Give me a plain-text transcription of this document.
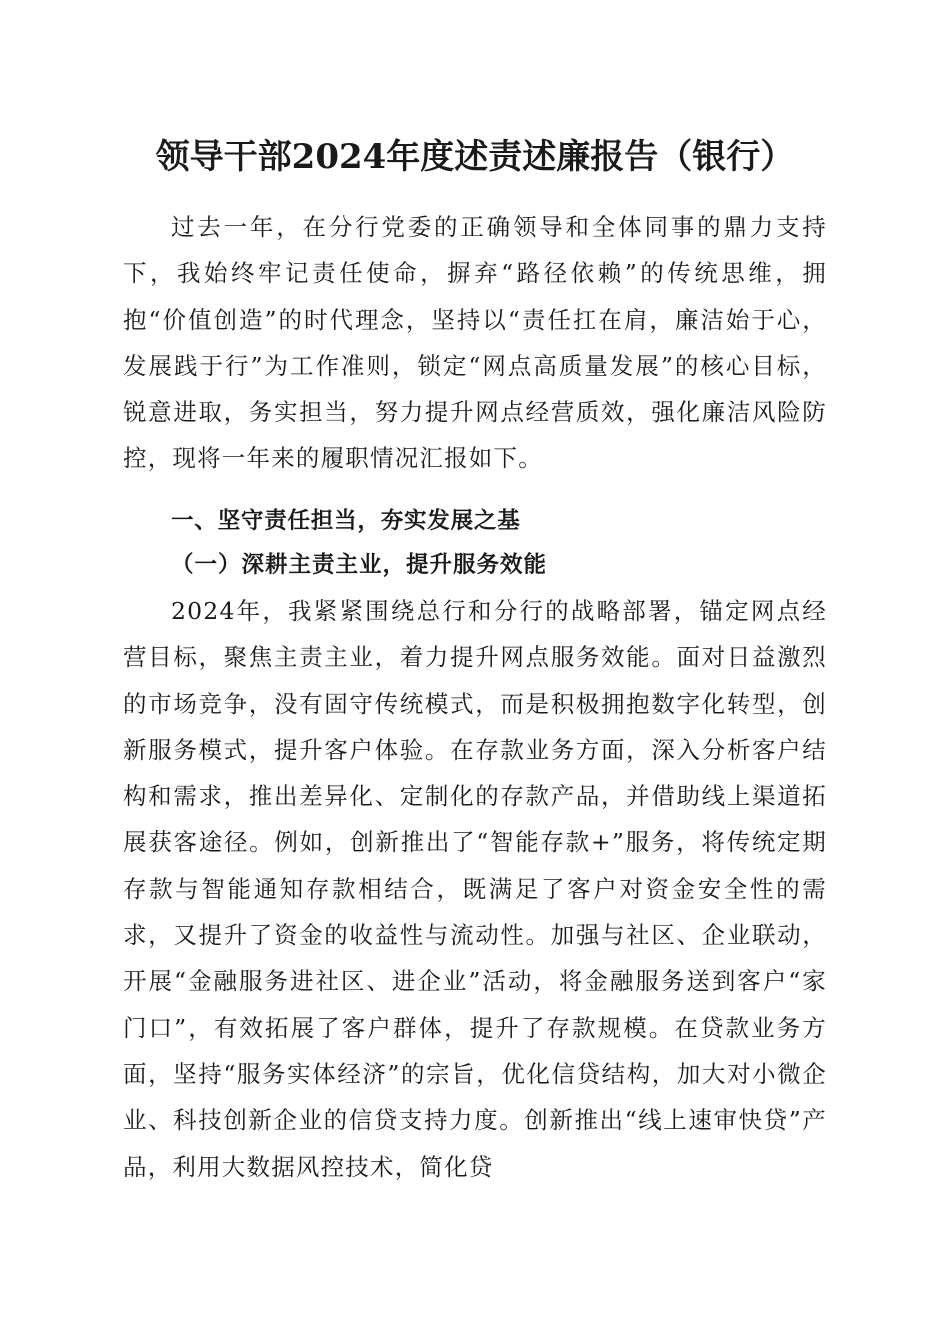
领导干部2024年度述责述廉报告（银行）

过去一年，在分行党委的正确领导和全体同事的鼎力支持下，我始终牢记责任使命，摒弃“路径依赖”的传统思维，拥抱“价值创造”的时代理念，坚持以“责任扛在肩，廉洁始于心，发展践于行”为工作准则，锁定“网点高质量发展”的核心目标，锐意进取，务实担当，努力提升网点经营质效，强化廉洁风险防控，现将一年来的履职情况汇报如下。

一、坚守责任担当，夯实发展之基
（一）深耕主责主业，提升服务效能

2024年，我紧紧围绕总行和分行的战略部署，锚定网点经营目标，聚焦主责主业，着力提升网点服务效能。面对日益激烈的市场竞争，没有固守传统模式，而是积极拥抱数字化转型，创新服务模式，提升客户体验。在存款业务方面，深入分析客户结构和需求，推出差异化、定制化的存款产品，并借助线上渠道拓展获客途径。例如，创新推出了“智能存款+”服务，将传统定期存款与智能通知存款相结合，既满足了客户对资金安全性的需求，又提升了资金的收益性与流动性。加强与社区、企业联动，开展“金融服务进社区、进企业”活动，将金融服务送到客户“家门口”，有效拓展了客户群体，提升了存款规模。在贷款业务方面，坚持“服务实体经济”的宗旨，优化信贷结构，加大对小微企业、科技创新企业的信贷支持力度。创新推出“线上速审快贷”产品，利用大数据风控技术，简化贷
